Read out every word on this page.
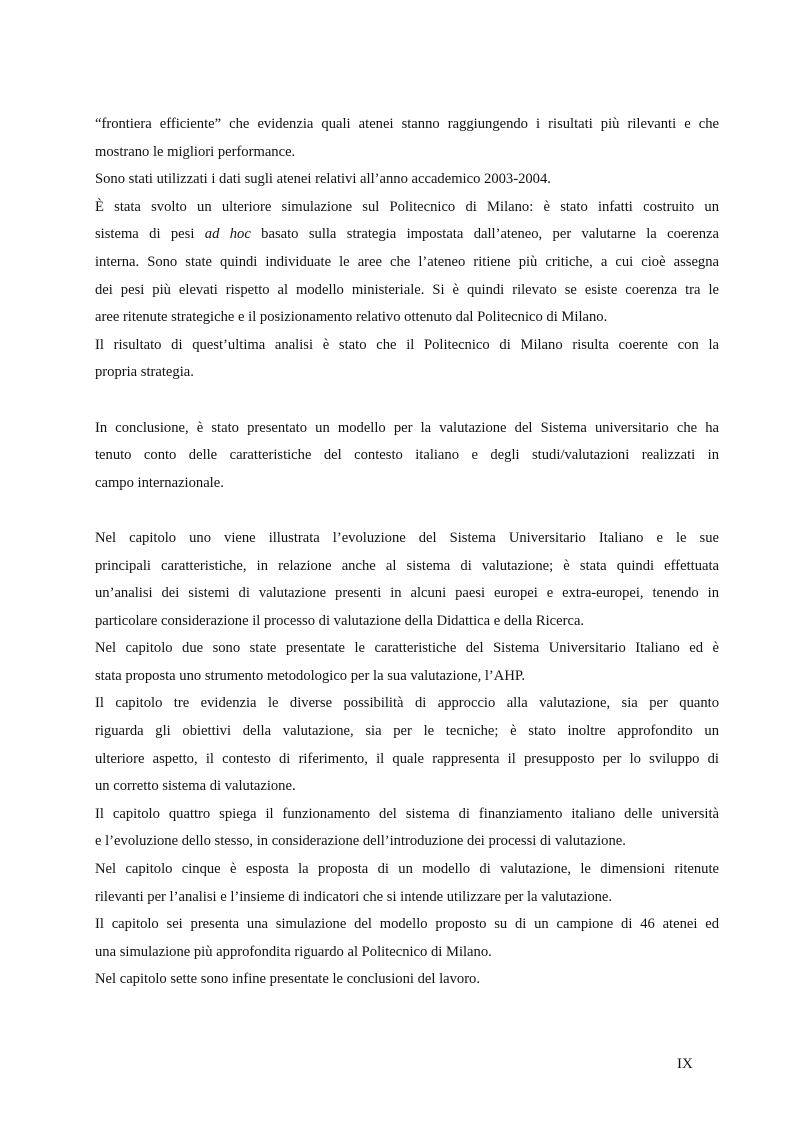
“frontiera efficiente” che evidenzia quali atenei stanno raggiungendo i risultati più rilevanti e che
mostrano le migliori performance.

Sono stati utilizzati i dati sugli atenei relativi all’anno accademico 2003-2004.

È stata svolto un ulteriore simulazione sul Politecnico di Milano: è stato infatti costruito un
sistema di pesi ad hoc basato sulla strategia impostata dall’ateneo, per valutarne la coerenza
interna. Sono state quindi individuate le aree che l’ateneo ritiene più critiche, a cui cioè assegna
dei pesi più elevati rispetto al modello ministeriale. Si è quindi rilevato se esiste coerenza tra le
aree ritenute strategiche e il posizionamento relativo ottenuto dal Politecnico di Milano.

Il risultato di quest’ultima analisi è stato che il Politecnico di Milano risulta coerente con la
propria strategia.

In conclusione, è stato presentato un modello per la valutazione del Sistema universitario che ha
tenuto conto delle caratteristiche del contesto italiano e degli studi/valutazioni realizzati in
campo internazionale.

Nel capitolo uno viene illustrata l’evoluzione del Sistema Universitario Italiano e le sue
principali caratteristiche, in relazione anche al sistema di valutazione; è stata quindi effettuata
un’analisi dei sistemi di valutazione presenti in alcuni paesi europei e extra-europei, tenendo in
particolare considerazione il processo di valutazione della Didattica e della Ricerca.

Nel capitolo due sono state presentate le caratteristiche del Sistema Universitario Italiano ed è
stata proposta uno strumento metodologico per la sua valutazione, l’AHP.

Il capitolo tre evidenzia le diverse possibilità di approccio alla valutazione, sia per quanto
riguarda gli obiettivi della valutazione, sia per le tecniche; è stato inoltre approfondito un
ulteriore aspetto, il contesto di riferimento, il quale rappresenta il presupposto per lo sviluppo di
un corretto sistema di valutazione.

Il capitolo quattro spiega il funzionamento del sistema di finanziamento italiano delle università
e l’evoluzione dello stesso, in considerazione dell’introduzione dei processi di valutazione.

Nel capitolo cinque è esposta la proposta di un modello di valutazione, le dimensioni ritenute
rilevanti per l’analisi e l’insieme di indicatori che si intende utilizzare per la valutazione.

Il capitolo sei presenta una simulazione del modello proposto su di un campione di 46 atenei ed
una simulazione più approfondita riguardo al Politecnico di Milano.

Nel capitolo sette sono infine presentate le conclusioni del lavoro.

IX
